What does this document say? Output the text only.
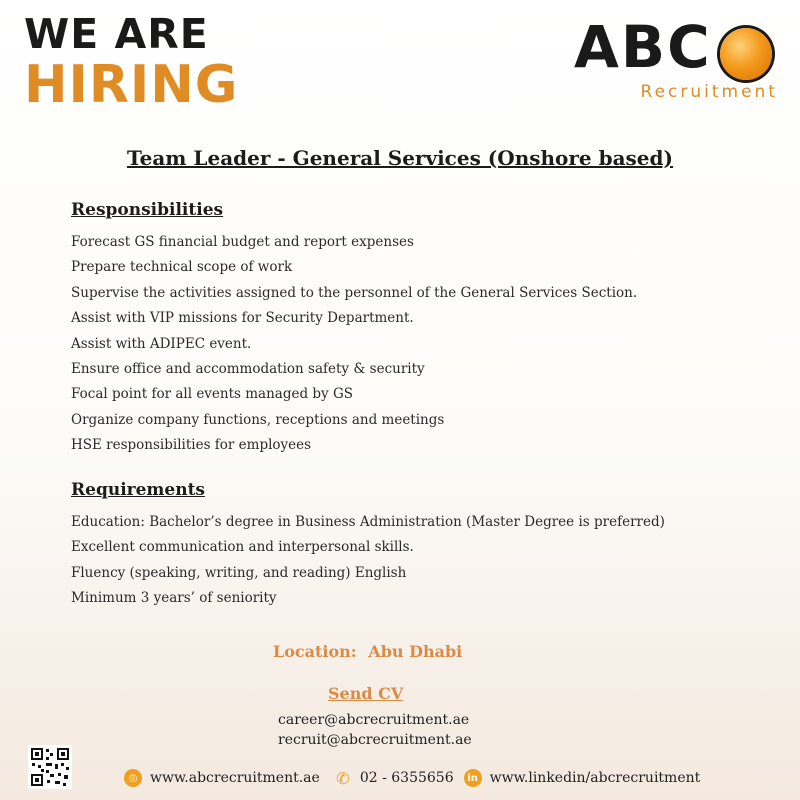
WE ARE
HIRING
ABC
Recruitment
Team Leader - General Services (Onshore based)
Responsibilities
Forecast GS financial budget and report expenses
Prepare technical scope of work
Supervise the activities assigned to the personnel of the General Services Section.
Assist with VIP missions for Security Department.
Assist with ADIPEC event.
Ensure office and accommodation safety & security
Focal point for all events managed by GS
Organize company functions, receptions and meetings
HSE responsibilities for employees
Requirements
Education: Bachelor’s degree in Business Administration (Master Degree is preferred)
Excellent communication and interpersonal skills.
Fluency (speaking, writing, and reading) English
Minimum 3 years’ of seniority
Location: Abu Dhabi
Send CV
career@abcrecruitment.ae
recruit@abcrecruitment.ae
◎ www.abcrecruitment.ae ✆ 02 - 6355656	in www.linkedin/abcrecruitment
